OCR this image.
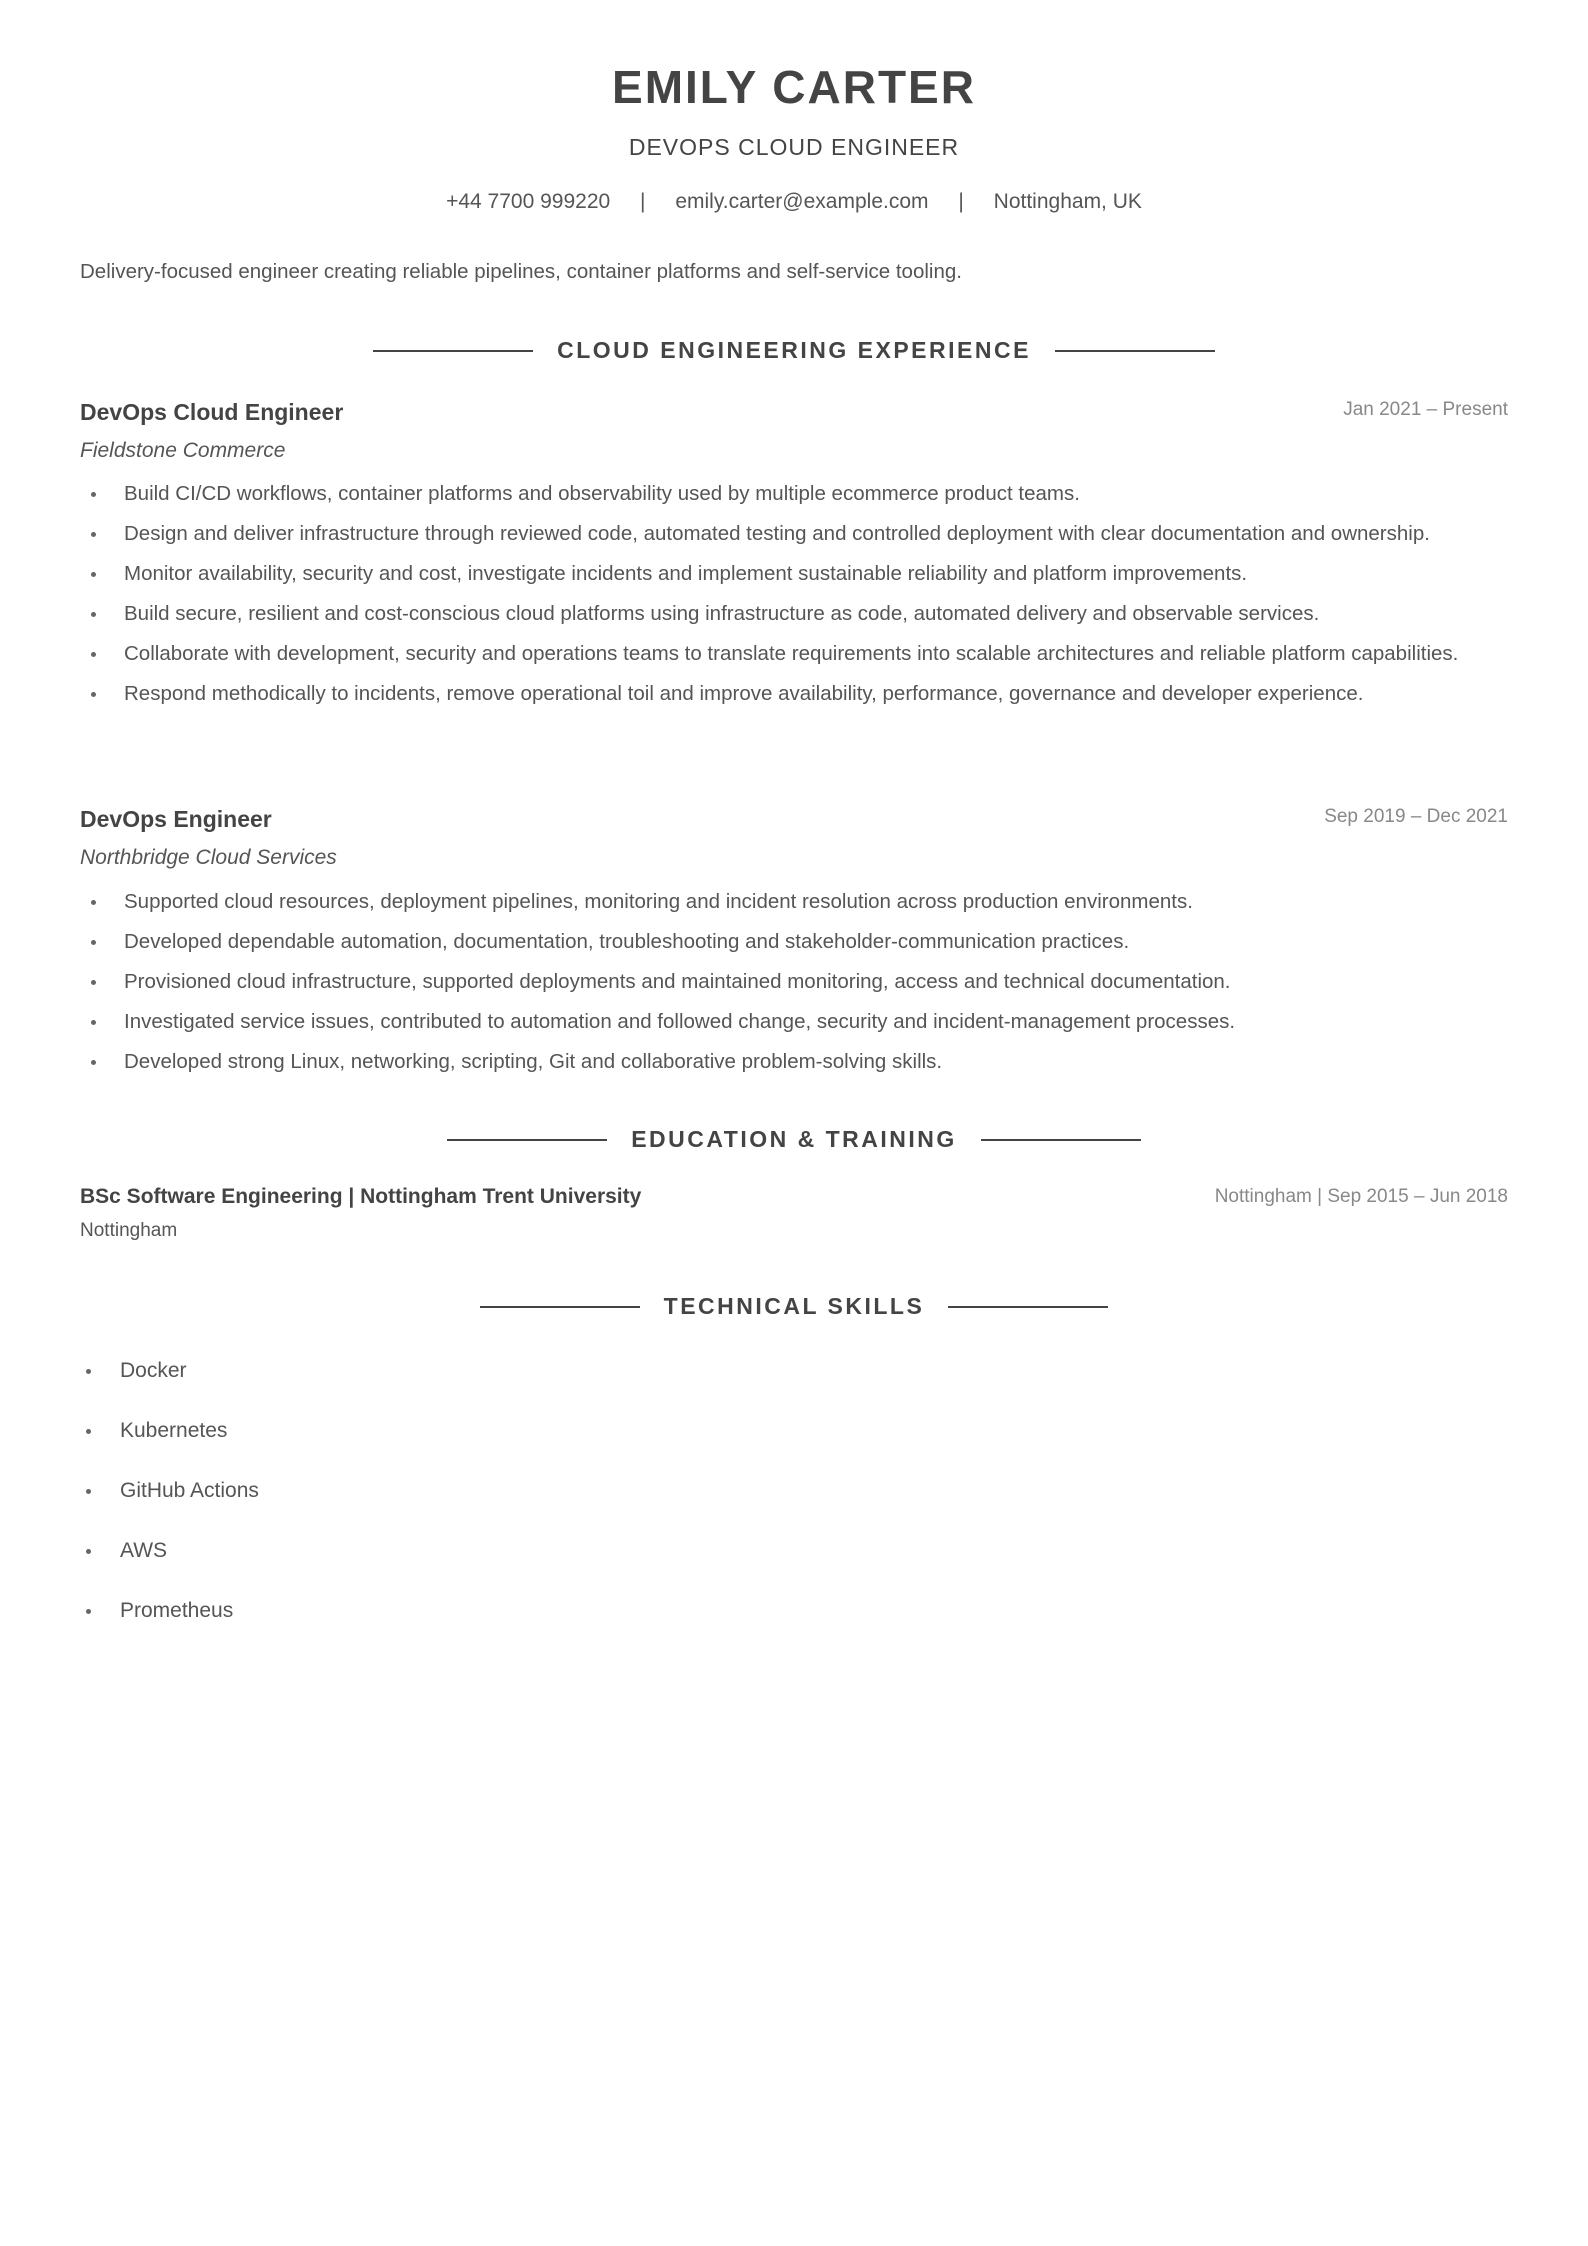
EMILY CARTER
DEVOPS CLOUD ENGINEER
+44 7700 999220 | emily.carter@example.com | Nottingham, UK
Delivery-focused engineer creating reliable pipelines, container platforms and self-service tooling.
CLOUD ENGINEERING EXPERIENCE
DevOps Cloud Engineer	Jan 2021 – Present
Fieldstone Commerce
Build CI/CD workflows, container platforms and observability used by multiple ecommerce product teams.
Design and deliver infrastructure through reviewed code, automated testing and controlled deployment with clear documentation and ownership.
Monitor availability, security and cost, investigate incidents and implement sustainable reliability and platform improvements.
Build secure, resilient and cost-conscious cloud platforms using infrastructure as code, automated delivery and observable services.
Collaborate with development, security and operations teams to translate requirements into scalable architectures and reliable platform capabilities.
Respond methodically to incidents, remove operational toil and improve availability, performance, governance and developer experience.
DevOps Engineer	Sep 2019 – Dec 2021
Northbridge Cloud Services
Supported cloud resources, deployment pipelines, monitoring and incident resolution across production environments.
Developed dependable automation, documentation, troubleshooting and stakeholder-communication practices.
Provisioned cloud infrastructure, supported deployments and maintained monitoring, access and technical documentation.
Investigated service issues, contributed to automation and followed change, security and incident-management processes.
Developed strong Linux, networking, scripting, Git and collaborative problem-solving skills.
EDUCATION & TRAINING
BSc Software Engineering | Nottingham Trent University	Nottingham | Sep 2015 – Jun 2018
Nottingham
TECHNICAL SKILLS
Docker
Kubernetes
GitHub Actions
AWS
Prometheus
